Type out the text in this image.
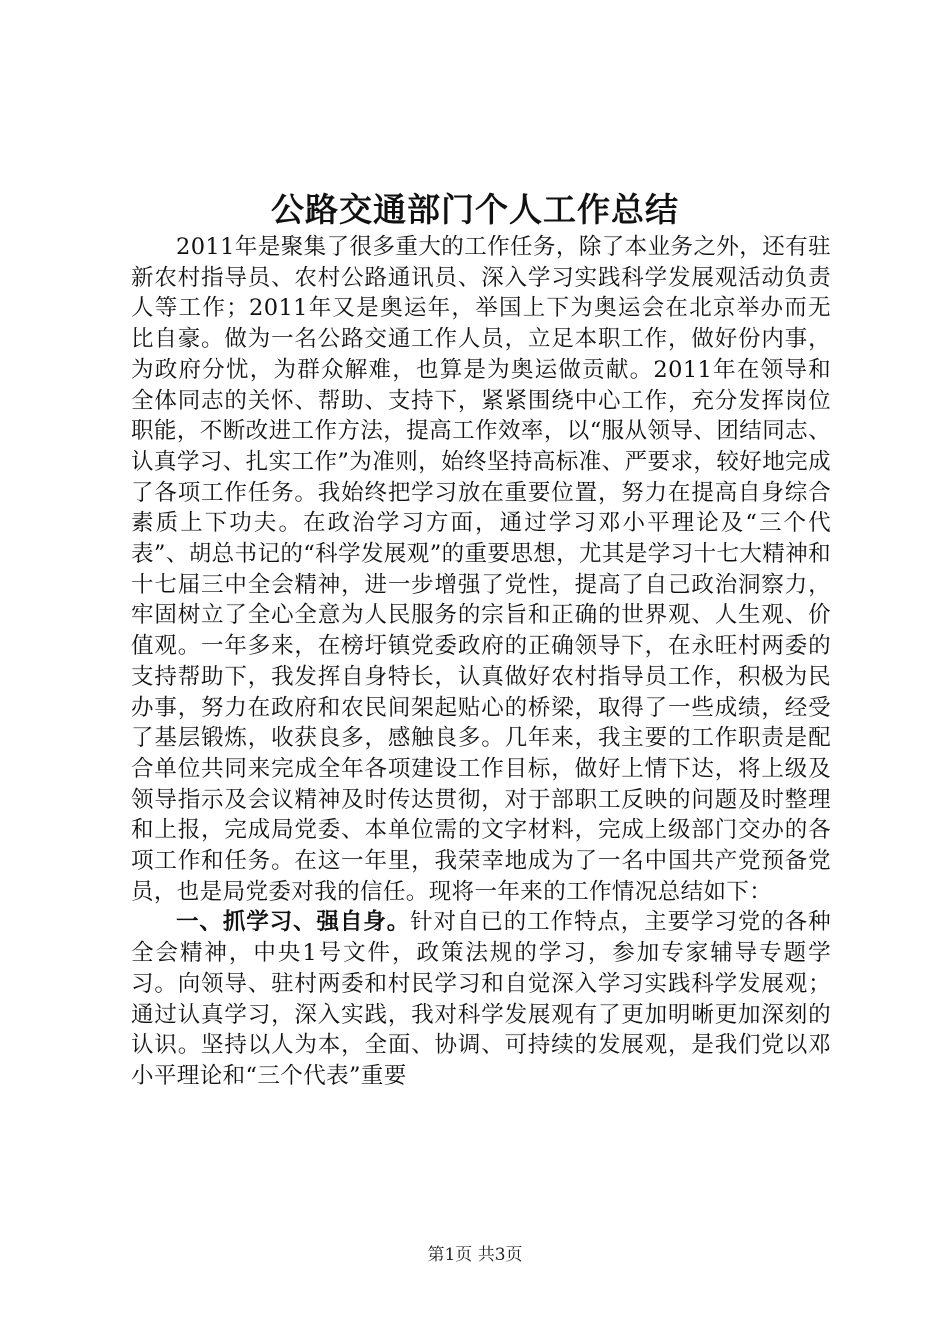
公路交通部门个人工作总结

2011年是聚集了很多重大的工作任务，除了本业务之外，还有驻新农村指导员、农村公路通讯员、深入学习实践科学发展观活动负责人等工作；2011年又是奥运年，举国上下为奥运会在北京举办而无比自豪。做为一名公路交通工作人员，立足本职工作，做好份内事，为政府分忧，为群众解难，也算是为奥运做贡献。2011年在领导和全体同志的关怀、帮助、支持下，紧紧围绕中心工作，充分发挥岗位职能，不断改进工作方法，提高工作效率，以“服从领导、团结同志、认真学习、扎实工作”为准则，始终坚持高标准、严要求，较好地完成了各项工作任务。我始终把学习放在重要位置，努力在提高自身综合素质上下功夫。在政治学习方面，通过学习邓小平理论及“三个代表”、胡总书记的“科学发展观”的重要思想，尤其是学习十七大精神和十七届三中全会精神，进一步增强了党性，提高了自己政治洞察力，牢固树立了全心全意为人民服务的宗旨和正确的世界观、人生观、价值观。一年多来，在榜圩镇党委政府的正确领导下，在永旺村两委的支持帮助下，我发挥自身特长，认真做好农村指导员工作，积极为民办事，努力在政府和农民间架起贴心的桥梁，取得了一些成绩，经受了基层锻炼，收获良多，感触良多。几年来，我主要的工作职责是配合单位共同来完成全年各项建设工作目标，做好上情下达，将上级及领导指示及会议精神及时传达贯彻，对于部职工反映的问题及时整理和上报，完成局党委、本单位需的文字材料，完成上级部门交办的各项工作和任务。在这一年里，我荣幸地成为了一名中国共产党预备党员，也是局党委对我的信任。现将一年来的工作情况总结如下：

一、抓学习、强自身。针对自已的工作特点，主要学习党的各种全会精神，中央1号文件，政策法规的学习，参加专家辅导专题学习。向领导、驻村两委和村民学习和自觉深入学习实践科学发展观；通过认真学习，深入实践，我对科学发展观有了更加明晰更加深刻的认识。坚持以人为本，全面、协调、可持续的发展观，是我们党以邓小平理论和“三个代表”重要

第1页 共3页
